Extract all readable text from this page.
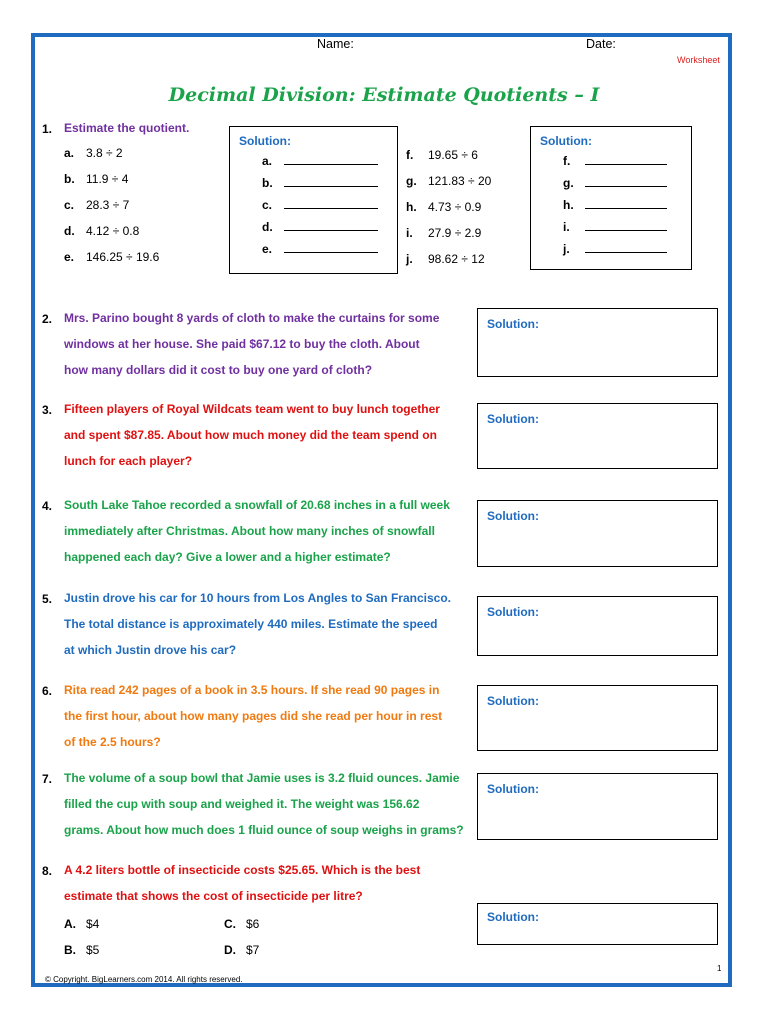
Name:	Date:
Worksheet
Decimal Division: Estimate Quotients – I
1. Estimate the quotient.
a. 3.8 ÷ 2
b. 11.9 ÷ 4
c. 28.3 ÷ 7
d. 4.12 ÷ 0.8
e. 146.25 ÷ 19.6
Solution:
a.
b.
c.
d.
e.
f. 19.65 ÷ 6
g. 121.83 ÷ 20
h. 4.73 ÷ 0.9
i. 27.9 ÷ 2.9
j. 98.62 ÷ 12
Solution:
f.
g.
h.
i.
j.
2. Mrs. Parino bought 8 yards of cloth to make the curtains for some
windows at her house. She paid $67.12 to buy the cloth. About
how many dollars did it cost to buy one yard of cloth?
Solution:
3. Fifteen players of Royal Wildcats team went to buy lunch together
and spent $87.85. About how much money did the team spend on
lunch for each player?
Solution:
4. South Lake Tahoe recorded a snowfall of 20.68 inches in a full week
immediately after Christmas. About how many inches of snowfall
happened each day? Give a lower and a higher estimate?
Solution:
5. Justin drove his car for 10 hours from Los Angles to San Francisco.
The total distance is approximately 440 miles. Estimate the speed
at which Justin drove his car?
Solution:
6. Rita read 242 pages of a book in 3.5 hours. If she read 90 pages in
the first hour, about how many pages did she read per hour in rest
of the 2.5 hours?
Solution:
7. The volume of a soup bowl that Jamie uses is 3.2 fluid ounces. Jamie
filled the cup with soup and weighed it. The weight was 156.62
grams. About how much does 1 fluid ounce of soup weighs in grams?
Solution:
8. A 4.2 liters bottle of insecticide costs $25.65. Which is the best
estimate that shows the cost of insecticide per litre?
A. $4	C. $6
B. $5	D. $7
Solution:
1
© Copyright. BigLearners.com 2014. All rights reserved.
